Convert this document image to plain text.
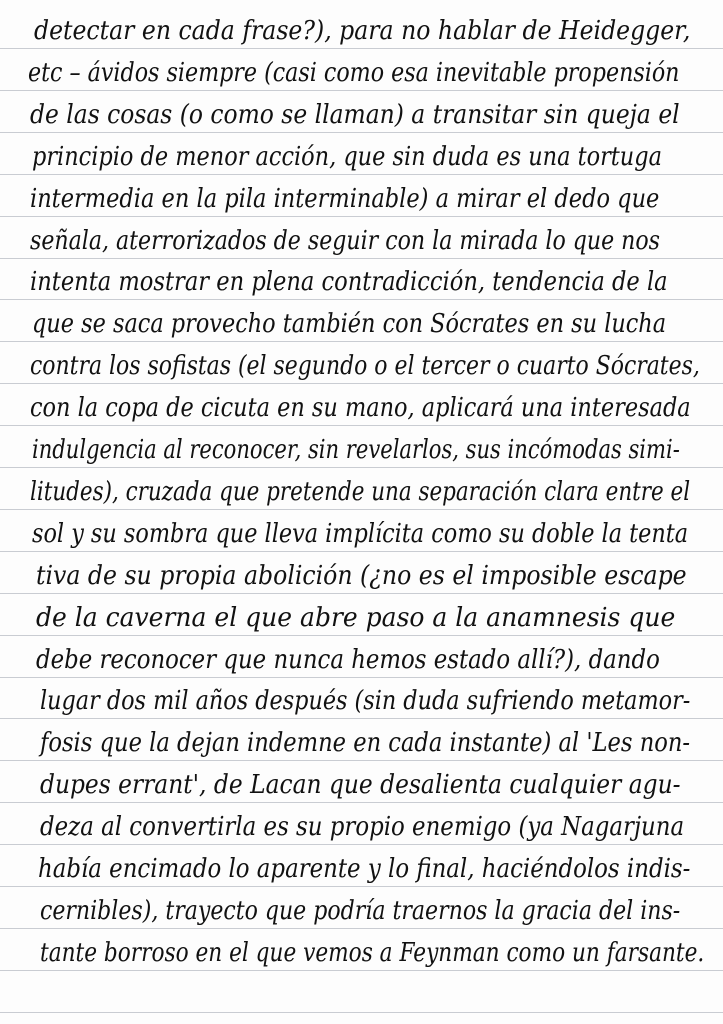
detectar en cada frase?), para no hablar de Heidegger,
etc – ávidos siempre (casi como esa inevitable propensión
de las cosas (o como se llaman) a transitar sin queja el
principio de menor acción, que sin duda es una tortuga
intermedia en la pila interminable) a mirar el dedo que
señala, aterrorizados de seguir con la mirada lo que nos
intenta mostrar en plena contradicción, tendencia de la
que se saca provecho también con Sócrates en su lucha
contra los sofistas (el segundo o el tercer o cuarto Sócrates,
con la copa de cicuta en su mano, aplicará una interesada
indulgencia al reconocer, sin revelarlos, sus incómodas simi-
litudes), cruzada que pretende una separación clara entre el
sol y su sombra que lleva implícita como su doble la tenta
tiva de su propia abolición (¿no es el imposible escape
de la caverna el que abre paso a la anamnesis que
debe reconocer que nunca hemos estado allí?), dando
lugar dos mil años después (sin duda sufriendo metamor-
fosis que la dejan indemne en cada instante) al 'Les non-
dupes errant', de Lacan que desalienta cualquier agu-
deza al convertirla es su propio enemigo (ya Nagarjuna
había encimado lo aparente y lo final, haciéndolos indis-
cernibles), trayecto que podría traernos la gracia del ins-
tante borroso en el que vemos a Feynman como un farsante.
